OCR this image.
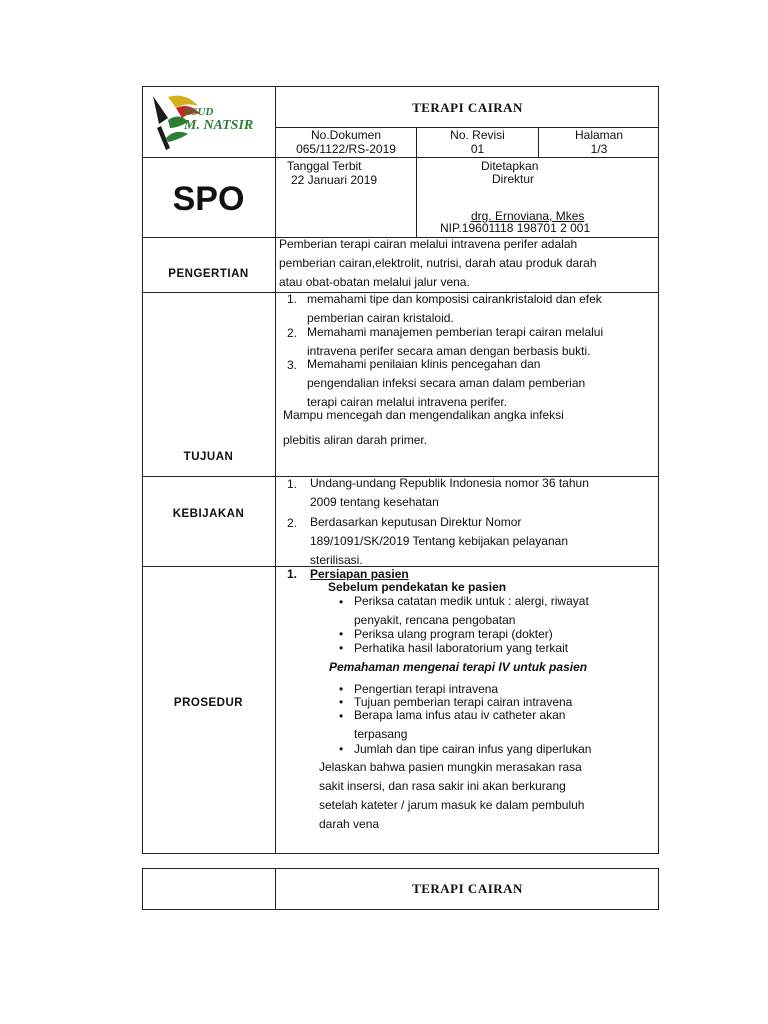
RSUD
M. NATSIR
TERAPI CAIRAN
No.Dokumen
065/1122/RS-2019
No. Revisi
01
Halaman
1/3
SPO
Tanggal Terbit
22 Januari 2019
Ditetapkan
Direktur
drg. Ernoviana, Mkes
NIP.19601118 198701 2 001
PENGERTIAN
Pemberian terapi cairan melalui intravena perifer adalah
pemberian cairan,elektrolit, nutrisi, darah atau produk darah
atau obat-obatan melalui jalur vena.
TUJUAN
1. memahami tipe dan komposisi cairankristaloid dan efek
pemberian cairan kristaloid.
2. Memahami manajemen pemberian terapi cairan melalui
intravena perifer secara aman dengan berbasis bukti.
3. Memahami penilaian klinis pencegahan dan
pengendalian infeksi secara aman dalam pemberian
terapi cairan melalui intravena perifer.
Mampu mencegah dan mengendalikan angka infeksi
plebitis aliran darah primer.
KEBIJAKAN
1. Undang-undang Republik Indonesia nomor 36 tahun
2009 tentang kesehatan
2. Berdasarkan keputusan Direktur Nomor
189/1091/SK/2019 Tentang kebijakan pelayanan
sterilisasi.
PROSEDUR
1. Persiapan pasien
Sebelum pendekatan ke pasien
• Periksa catatan medik untuk : alergi, riwayat
penyakit, rencana pengobatan
• Periksa ulang program terapi (dokter)
• Perhatika hasil laboratorium yang terkait
Pemahaman mengenai terapi IV untuk pasien
• Pengertian terapi intravena
• Tujuan pemberian terapi cairan intravena
• Berapa lama infus atau iv catheter akan
terpasang
• Jumlah dan tipe cairan infus yang diperlukan
Jelaskan bahwa pasien mungkin merasakan rasa
sakit insersi, dan rasa sakir ini akan berkurang
setelah kateter / jarum masuk ke dalam pembuluh
darah vena
TERAPI CAIRAN
